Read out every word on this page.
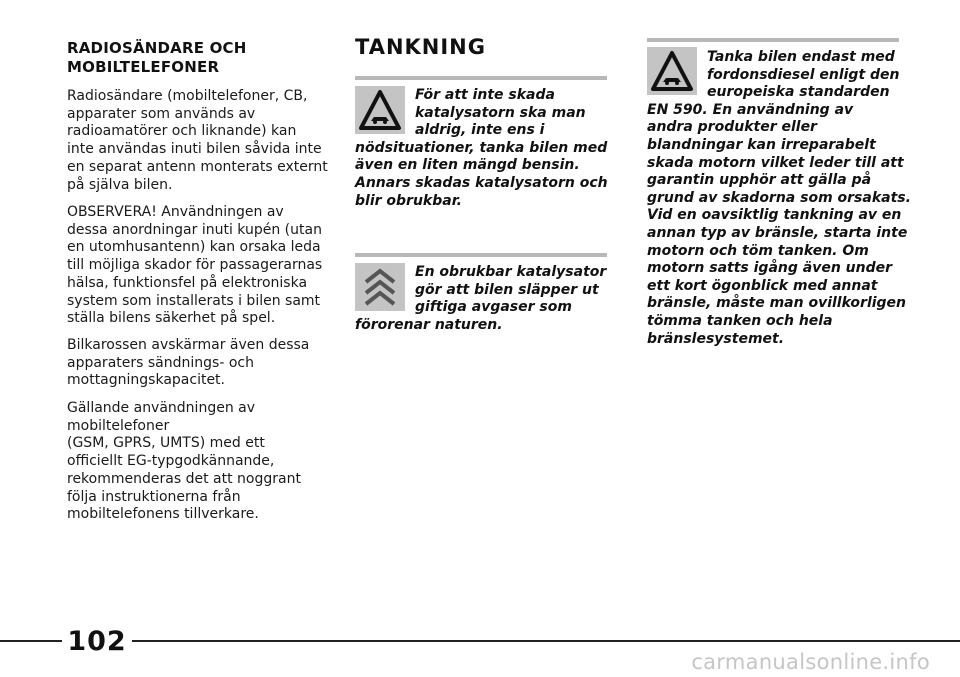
RADIOSÄNDARE OCH
MOBILTELEFONER
Radiosändare (mobiltelefoner, CB,
apparater som används av
radioamatörer och liknande) kan
inte användas inuti bilen såvida inte
en separat antenn monterats externt
på själva bilen.
OBSERVERA! Användningen av
dessa anordningar inuti kupén (utan
en utomhusantenn) kan orsaka leda
till möjliga skador för passagerarnas
hälsa, funktionsfel på elektroniska
system som installerats i bilen samt
ställa bilens säkerhet på spel.
Bilkarossen avskärmar även dessa
apparaters sändnings- och
mottagningskapacitet.
Gällande användningen av
mobiltelefoner
(GSM, GPRS, UMTS) med ett
officiellt EG-typgodkännande,
rekommenderas det att noggrant
följa instruktionerna från
mobiltelefonens tillverkare.
TANKNING
För att inte skada
katalysatorn ska man
aldrig, inte ens i
nödsituationer, tanka bilen med
även en liten mängd bensin.
Annars skadas katalysatorn och
blir obrukbar.
En obrukbar katalysator
gör att bilen släpper ut
giftiga avgaser som
förorenar naturen.
Tanka bilen endast med
fordonsdiesel enligt den
europeiska standarden
EN 590. En användning av
andra produkter eller
blandningar kan irreparabelt
skada motorn vilket leder till att
garantin upphör att gälla på
grund av skadorna som orsakats.
Vid en oavsiktlig tankning av en
annan typ av bränsle, starta inte
motorn och töm tanken. Om
motorn satts igång även under
ett kort ögonblick med annat
bränsle, måste man ovillkorligen
tömma tanken och hela
bränslesystemet.
102
carmanualsonline.info
